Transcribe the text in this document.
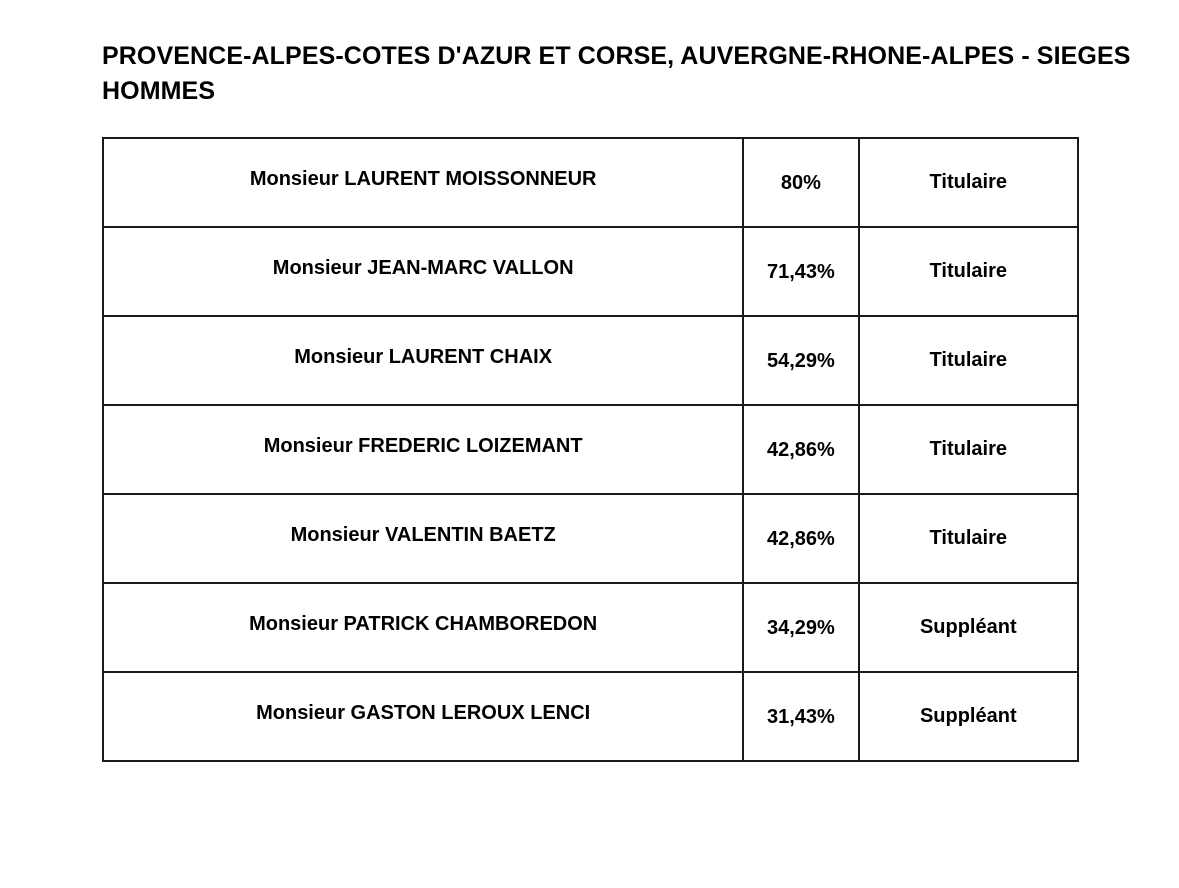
PROVENCE-ALPES-COTES D'AZUR ET CORSE, AUVERGNE-RHONE-ALPES - SIEGES HOMMES
Monsieur LAURENT MOISSONNEUR	80%	Titulaire
Monsieur JEAN-MARC VALLON	71,43%	Titulaire
Monsieur LAURENT CHAIX	54,29%	Titulaire
Monsieur FREDERIC LOIZEMANT	42,86%	Titulaire
Monsieur VALENTIN BAETZ	42,86%	Titulaire
Monsieur PATRICK CHAMBOREDON	34,29%	Suppléant
Monsieur GASTON LEROUX LENCI	31,43%	Suppléant
